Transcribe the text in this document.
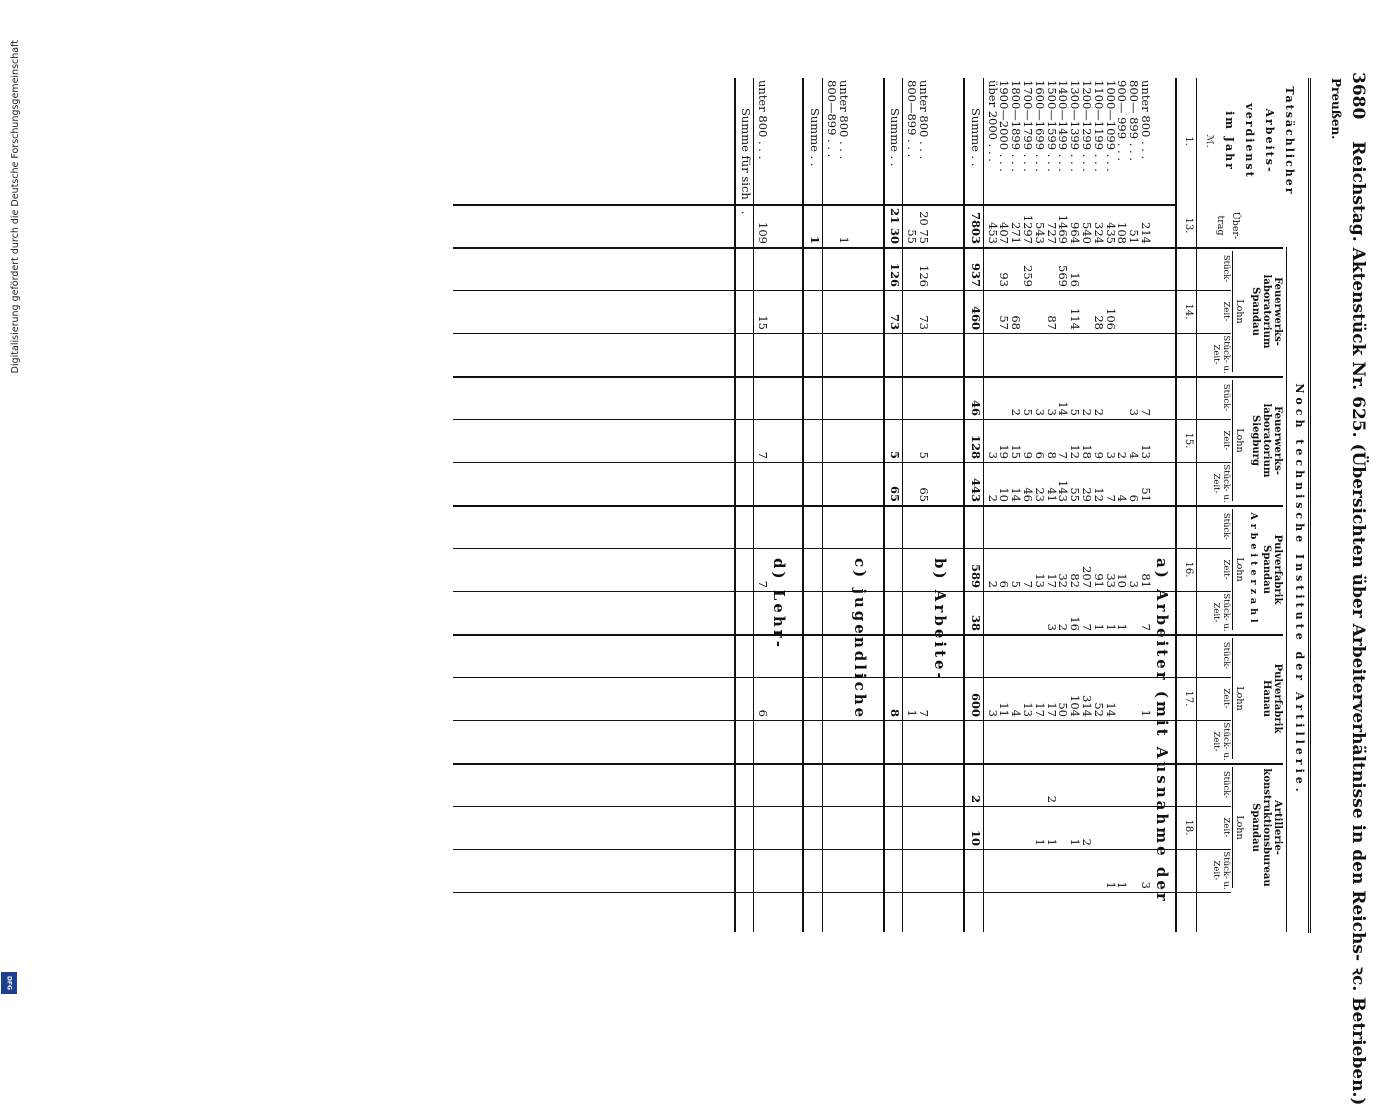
Digitalisierung gefördert durch die Deutsche Forschungsgemeinschaft
DFG
3680 Reichstag. Aktenstück Nr. 625. (Übersichten über Arbeiterverhältnisse in den Reichs- ꝛc. Betrieben.)
Preußen.
Tatsächlicher
Arbeits-
verdienst
im Jahr
ℳ.
Über-
trag
Noch technische Institute der Artillerie.
Feuerwerks-
laboratorium
Spandau
Lohn
Stück-
Zeit-
Stück- u. Zeit-
Feuerwerks-
laboratorium
Siegburg
Lohn
Stück-
Zeit-
Stück- u. Zeit-
Pulverfabrik
Spandau
Lohn
Stück-
Zeit-
Stück- u. Zeit-
Pulverfabrik
Hanau
Lohn
Stück-
Zeit-
Stück- u. Zeit-
Artillerie-
konstruktionsbureau
Spandau
Lohn
Stück-
Zeit-
Stück- u. Zeit-
Arbeiterzahl
1.
13.
14.
15.
16.
17.
18.
a) Arbeiter (mit Ausnahme der
unter 800 . . .
214
7
13
51
81
7
1
3
800— 899 . . .
51
3
4
6
3
900— 999 . . .
108
2
4
10
1
1
1000—1099 . . .
435
106
3
7
33
1
14
1
1100—1199 . . .
324
28
2
9
12
91
1
52
1200—1299 . . .
540
2
18
29
207
7
314
2
1300—1399 . . .
964
16
114
5
12
55
82
16
104
1
1400—1499 . . .
1469
569
14
7
143
32
2
50
1500—1599 . . .
727
87
3
8
41
17
3
17
2
1
1600—1699 . . .
543
3
6
23
13
17
1
1700—1799 . . .
1297
259
5
9
46
7
13
1800—1899 . . .
271
68
2
15
14
5
4
1900—2000 . . .
407
93
57
19
10
6
11
über 2000 . . .
453
3
2
2
3
Summe . .
7803
937
460
46
128
443
589
38
600
2
10
b) Arbeite-
unter 800 . . .
20 75
126
73
5
65
7
800—899 . . .
55
1
Summe . .
21 30
126
73
5
65
8
c) jugendliche
unter 800 . . .
1
800—899 . . .
Summe . .
1
d) Lehr-
unter 800 . . .
109
15
7
7
6
Summe für sich . .
